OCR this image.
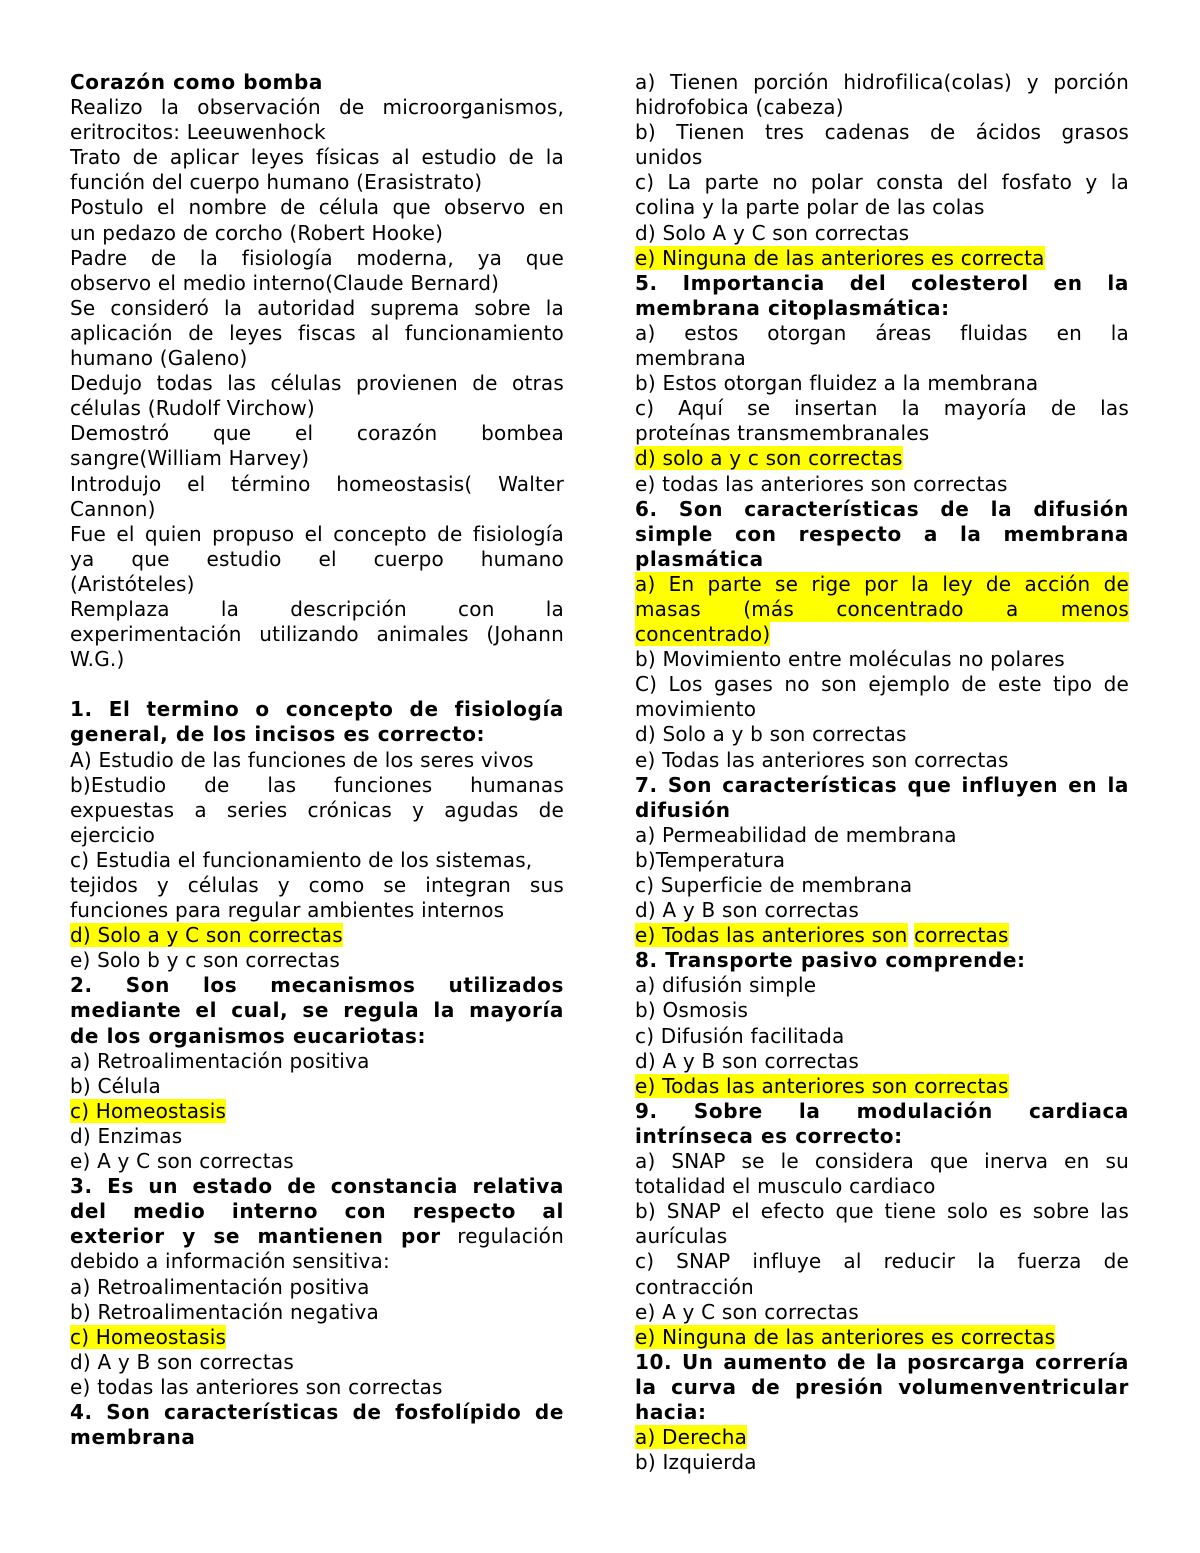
Corazón como bomba
Realizo la observación de microorganismos,
eritrocitos: Leeuwenhock
Trato de aplicar leyes físicas al estudio de la
función del cuerpo humano (Erasistrato)
Postulo el nombre de célula que observo en
un pedazo de corcho (Robert Hooke)
Padre de la fisiología moderna, ya que
observo el medio interno(Claude Bernard)
Se consideró la autoridad suprema sobre la
aplicación de leyes fiscas al funcionamiento
humano (Galeno)
Dedujo todas las células provienen de otras
células (Rudolf Virchow)
Demostró que el corazón bombea
sangre(William Harvey)
Introdujo el término homeostasis( Walter
Cannon)
Fue el quien propuso el concepto de fisiología
ya que estudio el cuerpo humano
(Aristóteles)
Remplaza la descripción con la
experimentación utilizando animales (Johann
W.G.)
1. El termino o concepto de fisiología
general, de los incisos es correcto:
A) Estudio de las funciones de los seres vivos
b)Estudio de las funciones humanas
expuestas a series crónicas y agudas de
ejercicio
c) Estudia el funcionamiento de los sistemas,
tejidos y células y como se integran sus
funciones para regular ambientes internos
d) Solo a y C son correctas
e) Solo b y c son correctas
2. Son los mecanismos utilizados
mediante el cual, se regula la mayoría
de los organismos eucariotas:
a) Retroalimentación positiva
b) Célula
c) Homeostasis
d) Enzimas
e) A y C son correctas
3. Es un estado de constancia relativa
del medio interno con respecto al
exterior y se mantienen por regulación
debido a información sensitiva:
a) Retroalimentación positiva
b) Retroalimentación negativa
c) Homeostasis
d) A y B son correctas
e) todas las anteriores son correctas
4. Son características de fosfolípido de
membrana
a) Tienen porción hidrofilica(colas) y porción
hidrofobica (cabeza)
b) Tienen tres cadenas de ácidos grasos
unidos
c) La parte no polar consta del fosfato y la
colina y la parte polar de las colas
d) Solo A y C son correctas
e) Ninguna de las anteriores es correcta
5. Importancia del colesterol en la
membrana citoplasmática:
a) estos otorgan áreas fluidas en la
membrana
b) Estos otorgan fluidez a la membrana
c) Aquí se insertan la mayoría de las
proteínas transmembranales
d) solo a y c son correctas
e) todas las anteriores son correctas
6. Son características de la difusión
simple con respecto a la membrana
plasmática
a) En parte se rige por la ley de acción de
masas (más concentrado a menos
concentrado)
b) Movimiento entre moléculas no polares
C) Los gases no son ejemplo de este tipo de
movimiento
d) Solo a y b son correctas
e) Todas las anteriores son correctas
7. Son características que influyen en la
difusión
a) Permeabilidad de membrana
b)Temperatura
c) Superficie de membrana
d) A y B son correctas
e) Todas las anteriores son correctas
8. Transporte pasivo comprende:
a) difusión simple
b) Osmosis
c) Difusión facilitada
d) A y B son correctas
e) Todas las anteriores son correctas
9. Sobre la modulación cardiaca
intrínseca es correcto:
a) SNAP se le considera que inerva en su
totalidad el musculo cardiaco
b) SNAP el efecto que tiene solo es sobre las
aurículas
c) SNAP influye al reducir la fuerza de
contracción
e) A y C son correctas
e) Ninguna de las anteriores es correctas
10. Un aumento de la posrcarga correría
la curva de presión volumenventricular
hacia:
a) Derecha
b) Izquierda
